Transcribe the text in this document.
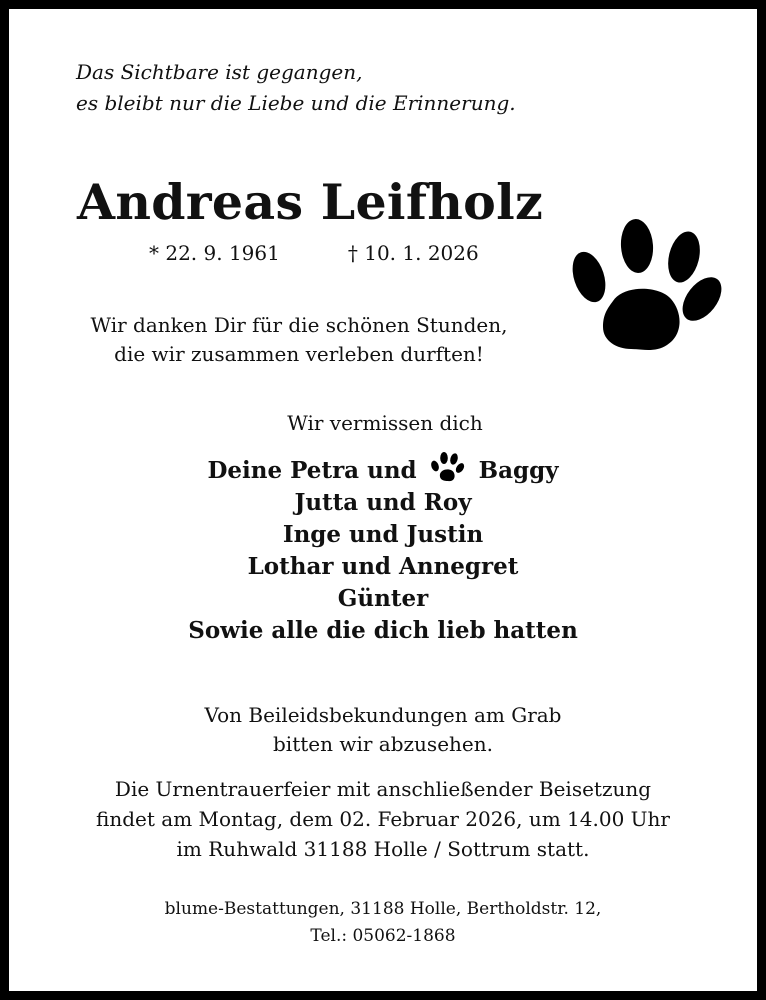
Das Sichtbare ist gegangen,
es bleibt nur die Liebe und die Erinnerung.
Andreas Leifholz
* 22. 9. 1961	† 10. 1. 2026
Wir danken Dir für die schönen Stunden,
die wir zusammen verleben durften!
Wir vermissen dich
Deine Petra und	Baggy
Jutta und Roy
Inge und Justin
Lothar und Annegret
Günter
Sowie alle die dich lieb hatten
Von Beileidsbekundungen am Grab
bitten wir abzusehen.
Die Urnentrauerfeier mit anschließender Beisetzung
findet am Montag, dem 02. Februar 2026, um 14.00 Uhr
im Ruhwald 31188 Holle / Sottrum statt.
blume-Bestattungen, 31188 Holle, Bertholdstr. 12,
Tel.: 05062-1868
